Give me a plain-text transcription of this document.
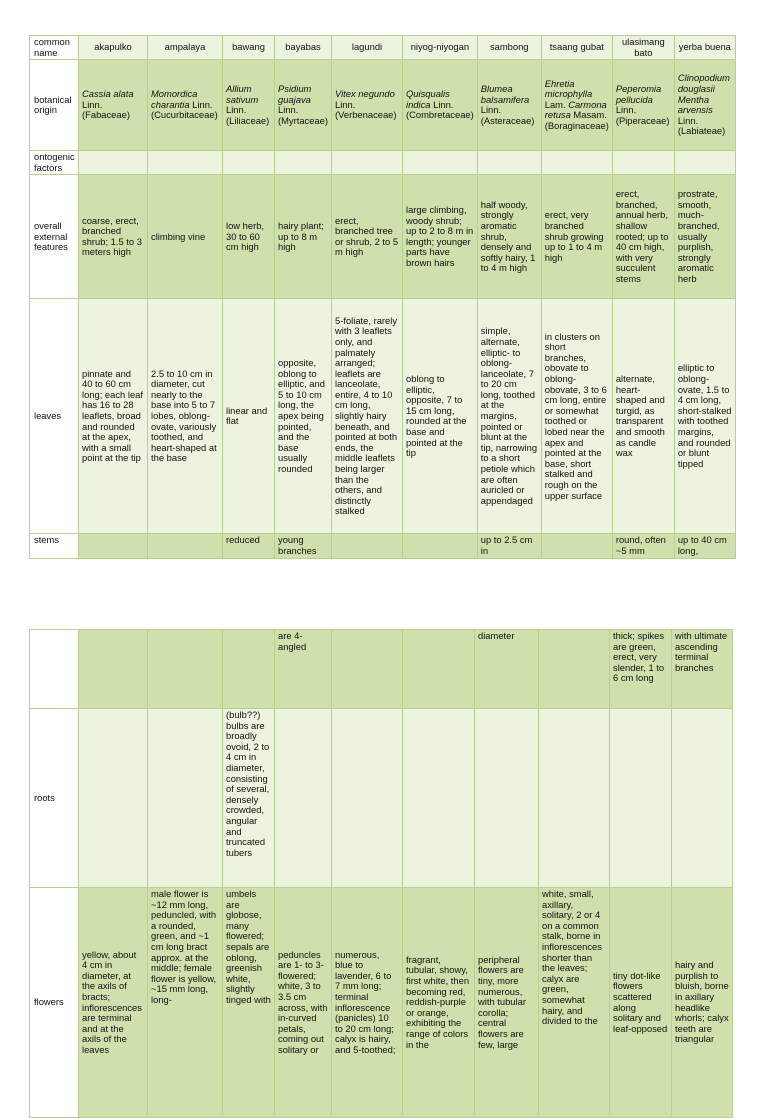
common name	akapulko	ampalaya	bawang	bayabas	lagundi	niyog-niyogan	sambong	tsaang gubat	ulasimang bato	yerba buena
botanical origin	Cassia alata Linn. (Fabaceae)	Momordica charantia Linn. (Cucurbitaceae)	Allium sativum Linn. (Liliaceae)	Psidium guajava Linn. (Myrtaceae)	Vitex negundo Linn. (Verbenaceae)	Quisqualis indica Linn. (Combretaceae)	Blumea balsamifera Linn. (Asteraceae)	Ehretia microphylla Lam. Carmona retusa Masam. (Boraginaceae)	Peperomia pellucida Linn. (Piperaceae)	Clinopodium douglasii Mentha arvensis Linn. (Labiateae)
ontogenic factors										
overall external features	coarse, erect, branched shrub; 1.5 to 3 meters high	climbing vine	low herb, 30 to 60 cm high	hairy plant; up to 8 m high	erect, branched tree or shrub, 2 to 5 m high	large climbing, woody shrub; up to 2 to 8 m in length; younger parts have brown hairs	half woody, strongly aromatic shrub, densely and softly hairy, 1 to 4 m high	erect, very branched shrub growing up to 1 to 4 m high	erect, branched, annual herb, shallow rooted; up to 40 cm high, with very succulent stems	prostrate, smooth, much-branched, usually purplish, strongly aromatic herb
leaves	pinnate and 40 to 60 cm long; each leaf has 16 to 28 leaflets, broad and rounded at the apex, with a small point at the tip	2.5 to 10 cm in diameter, cut nearly to the base into 5 to 7 lobes, oblong-ovate, variously toothed, and heart-shaped at the base	linear and flat	opposite, oblong to elliptic, and 5 to 10 cm long, the apex being pointed, and the base usually rounded	5-foliate, rarely with 3 leaflets only, and palmately arranged; leaflets are lanceolate, entire, 4 to 10 cm long, slightly hairy beneath, and pointed at both ends, the middle leaflets being larger than the others, and distinctly stalked	oblong to elliptic, opposite, 7 to 15 cm long, rounded at the base and pointed at the tip	simple, alternate, elliptic- to oblong-lanceolate, 7 to 20 cm long, toothed at the margins, pointed or blunt at the tip, narrowing to a short petiole which are often auricled or appendaged	in clusters on short branches, obovate to oblong-obovate, 3 to 6 cm long, entire or somewhat toothed or lobed near the apex and pointed at the base, short stalked and rough on the upper surface	alternate, heart-shaped and turgid, as transparent and smooth as candle wax	elliptic to oblong-ovate, 1.5 to 4 cm long, short-stalked with toothed margins, and rounded or blunt tipped
stems			reduced	young branches			up to 2.5 cm in		round, often ~5 mm	up to 40 cm long,
				are 4-angled			diameter		thick; spikes are green, erect, very slender, 1 to 6 cm long	with ultimate ascending terminal branches
roots			(bulb??) bulbs are broadly ovoid, 2 to 4 cm in diameter, consisting of several, densely crowded, angular and truncated tubers							
flowers	yellow, about 4 cm in diameter, at the axils of bracts; inflorescences are terminal and at the axils of the leaves	male flower is ~12 mm long, peduncled, with a rounded, green, and ~1 cm long bract approx. at the middle; female flower is yellow, ~15 mm long, long-	umbels are globose, many flowered; sepals are oblong, greenish white, slightly tinged with	peduncles are 1- to 3-flowered; white, 3 to 3.5 cm across, with in-curved petals, coming out solitary or	numerous, blue to lavender, 6 to 7 mm long; terminal inflorescence (panicles) 10 to 20 cm long; calyx is hairy, and 5-toothed;	fragrant, tubular, showy, first white, then becoming red, reddish-purple or orange, exhibiting the range of colors in the	peripheral flowers are tiny, more numerous, with tubular corolla; central flowers are few, large	white, small, axillary, solitary, 2 or 4 on a common stalk, borne in inflorescences shorter than the leaves; calyx are green, somewhat hairy, and divided to the	tiny dot-like flowers scattered along solitary and leaf-opposed	hairy and purplish to bluish, borne in axillary headlike whorls; calyx teeth are triangular
